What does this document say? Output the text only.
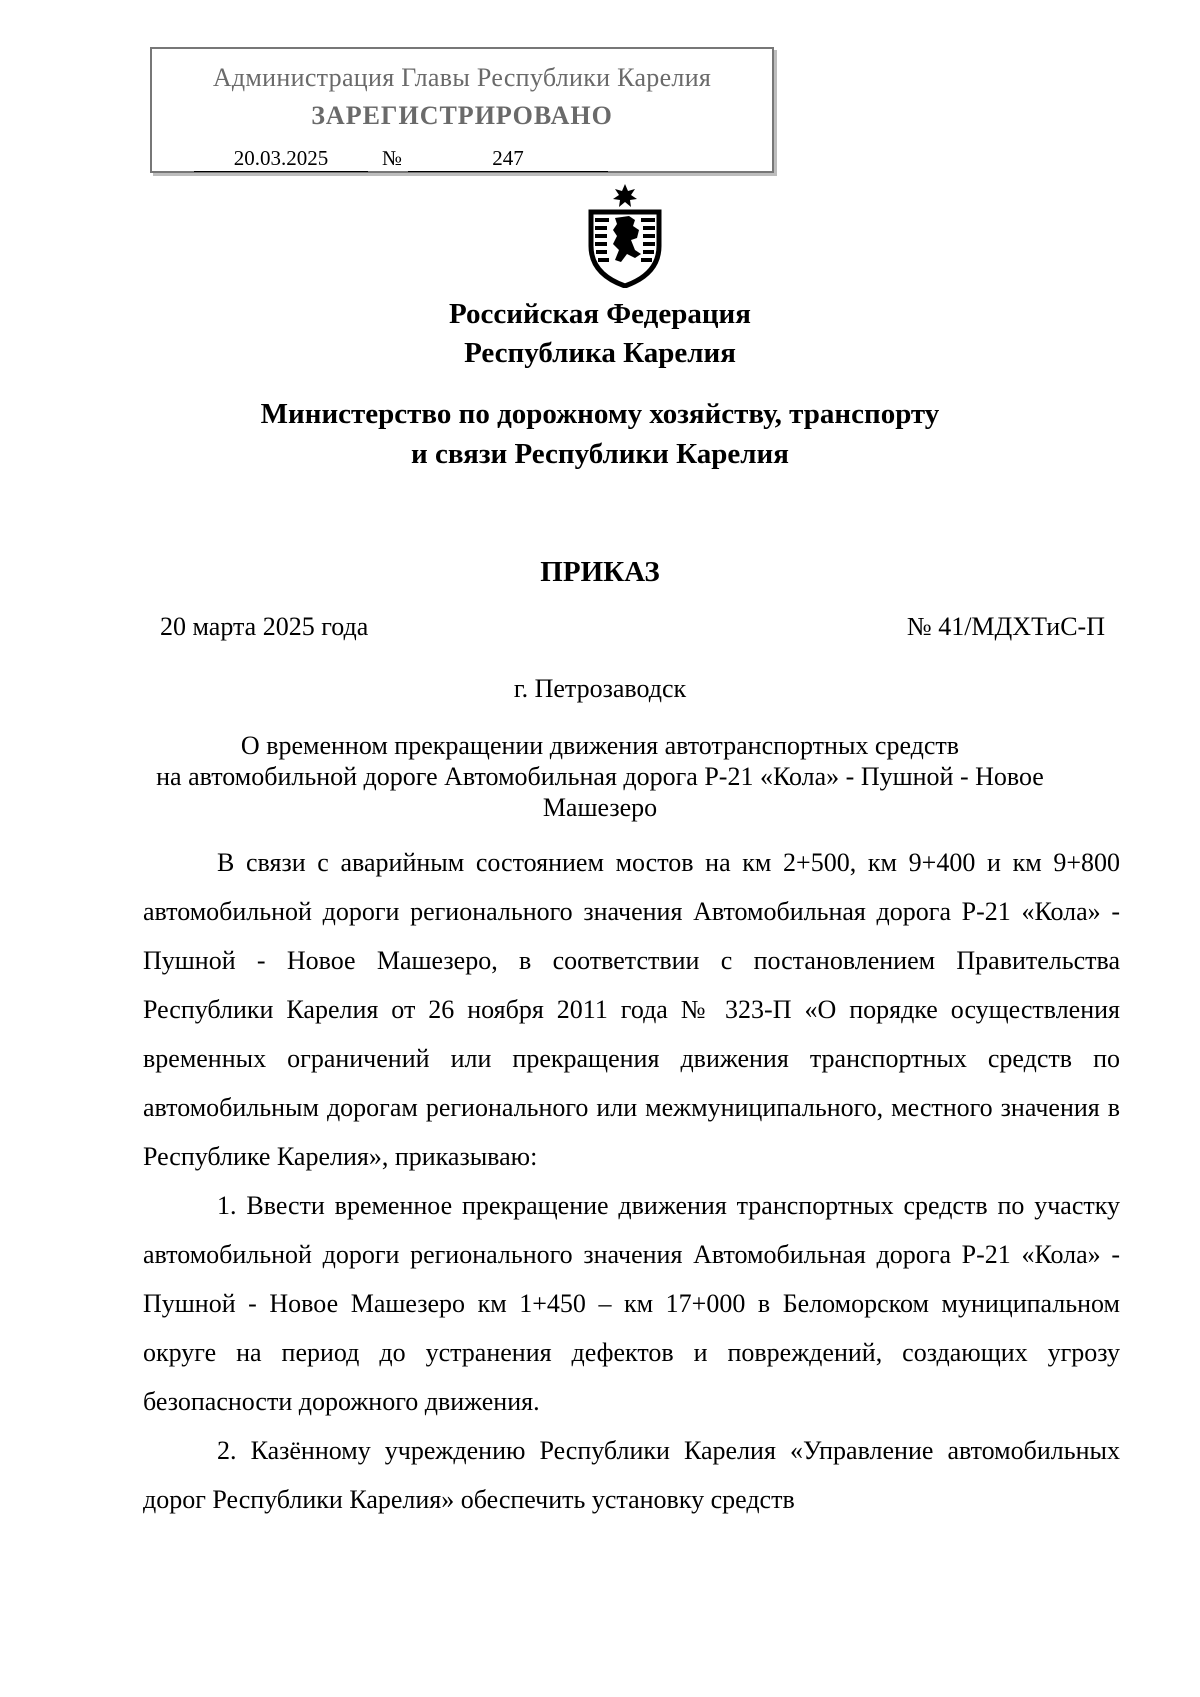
Администрация Главы Республики Карелия
ЗАРЕГИСТРИРОВАНО
20.03.2025	№	247
Российская Федерация
Республика Карелия
Министерство по дорожному хозяйству, транспорту
и связи Республики Карелия
ПРИКАЗ
20 марта 2025 года	№ 41/МДХТиС-П
г. Петрозаводск
О временном прекращении движения автотранспортных средств
на автомобильной дороге Автомобильная дорога Р-21 «Кола» - Пушной - Новое
Машезеро

В связи с аварийным состоянием мостов на км 2+500, км 9+400 и км 9+800 автомобильной дороги регионального значения Автомобильная дорога Р-21 «Кола» - Пушной - Новое Машезеро, в соответствии с постановлением Правительства Республики Карелия от 26 ноября 2011 года № 323-П «О порядке осуществления временных ограничений или прекращения движения транспортных средств по автомобильным дорогам регионального или межмуниципального, местного значения в Республике Карелия», приказываю:

1. Ввести временное прекращение движения транспортных средств по участку автомобильной дороги регионального значения Автомобильная дорога Р-21 «Кола» - Пушной - Новое Машезеро км 1+450 – км 17+000 в Беломорском муниципальном округе на период до устранения дефектов и повреждений, создающих угрозу безопасности дорожного движения.

2. Казённому учреждению Республики Карелия «Управление автомобильных дорог Республики Карелия» обеспечить установку средств
